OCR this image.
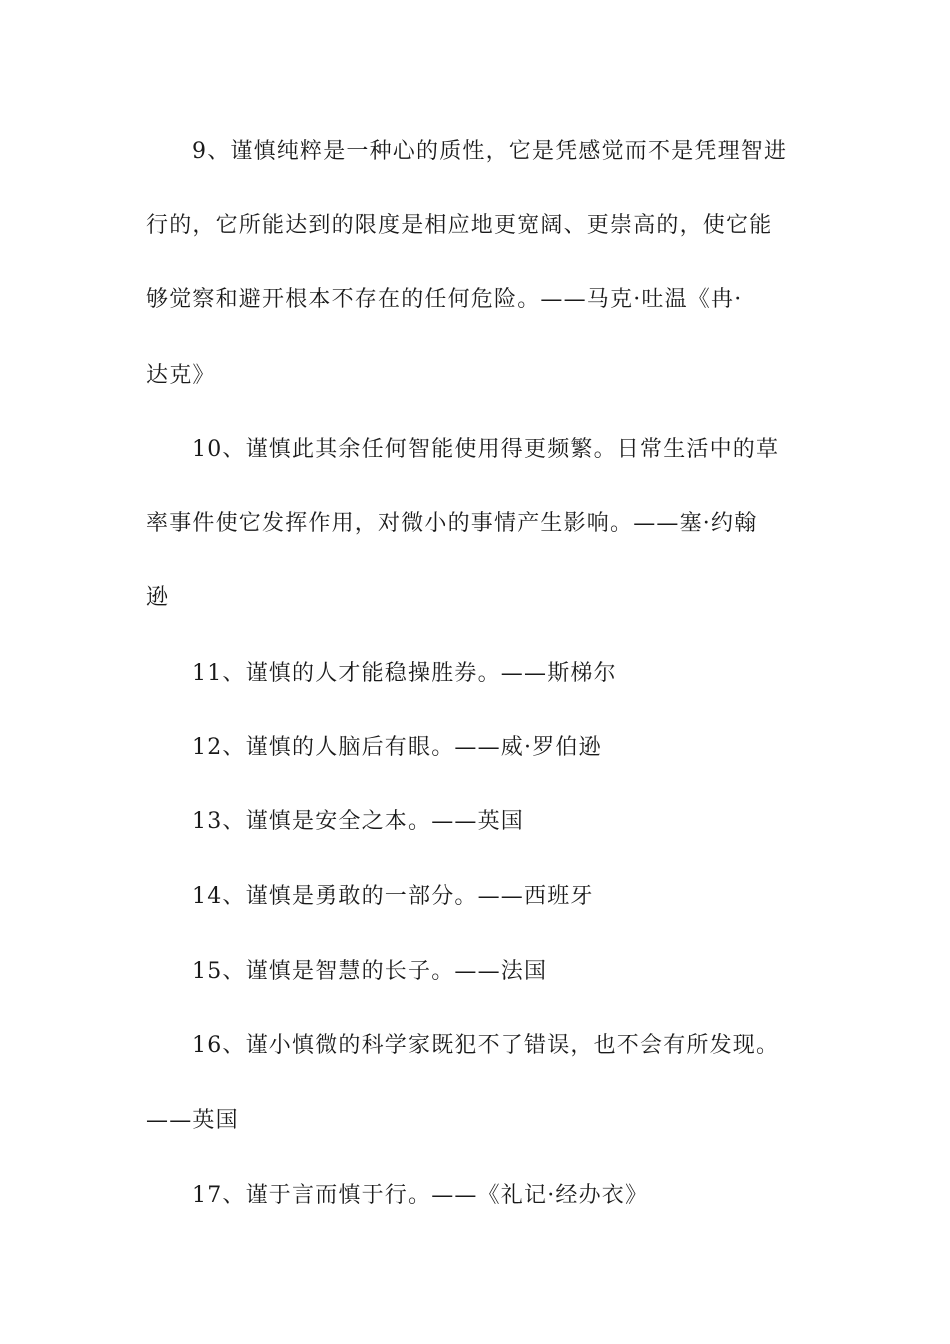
9、谨慎纯粹是一种心的质性，它是凭感觉而不是凭理智进
行的，它所能达到的限度是相应地更宽阔、更崇高的，使它能
够觉察和避开根本不存在的任何危险。——马克·吐温《冉·
达克》
10、谨慎此其余任何智能使用得更频繁。日常生活中的草
率事件使它发挥作用，对微小的事情产生影响。——塞·约翰
逊
11、谨慎的人才能稳操胜券。——斯梯尔
12、谨慎的人脑后有眼。——威·罗伯逊
13、谨慎是安全之本。——英国
14、谨慎是勇敢的一部分。——西班牙
15、谨慎是智慧的长子。——法国
16、谨小慎微的科学家既犯不了错误，也不会有所发现。
——英国
17、谨于言而慎于行。——《礼记·经办衣》
